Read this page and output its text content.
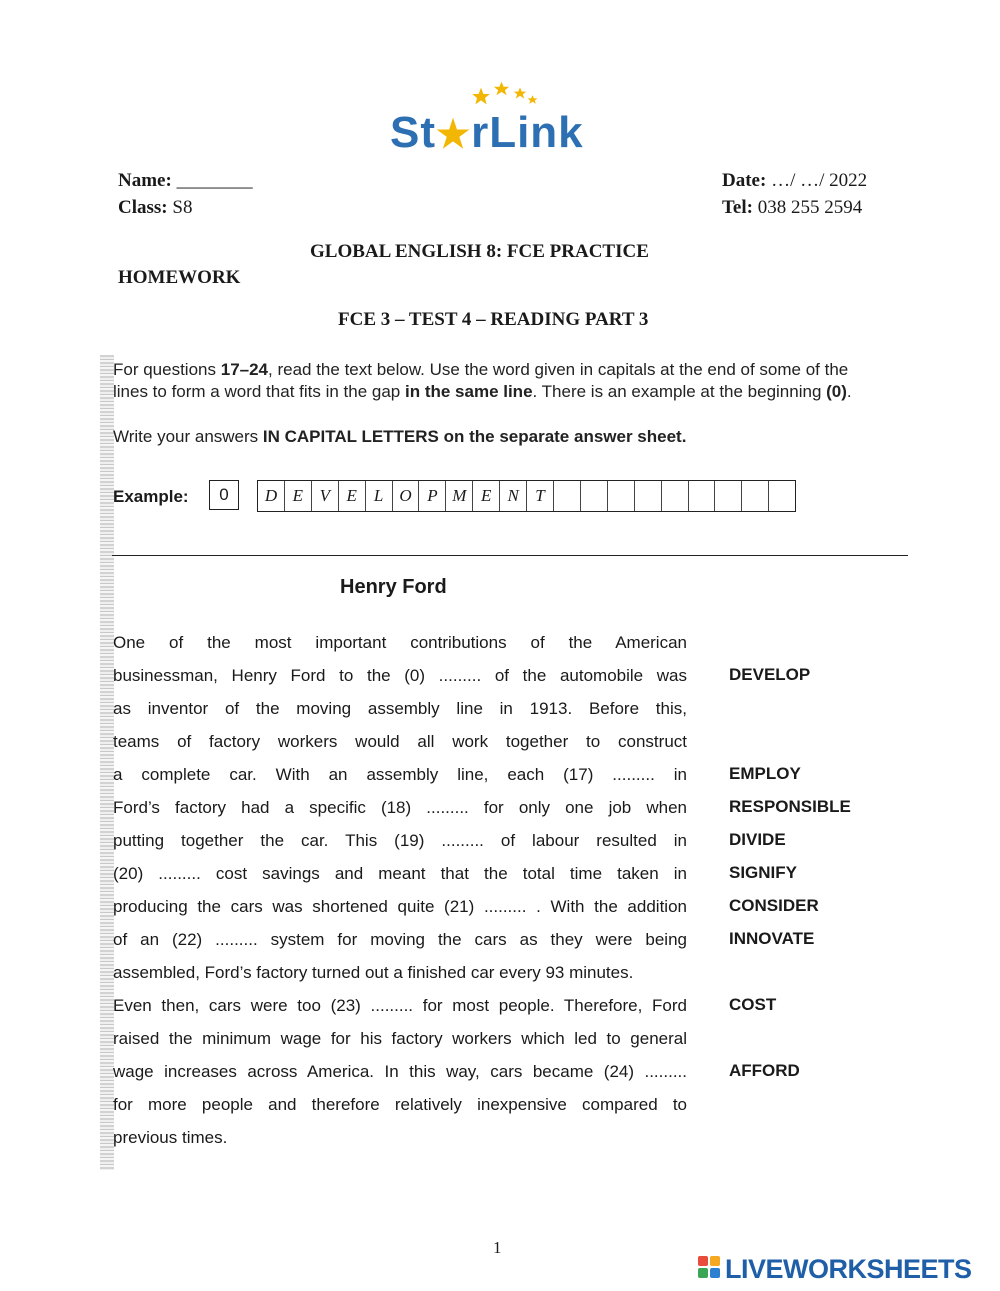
St★rLink
Name: ________
Class: S8
Date: …/ …/ 2022
Tel: 038 255 2594
GLOBAL ENGLISH 8: FCE PRACTICE
HOMEWORK
FCE 3 – TEST 4 – READING PART 3
For questions 17–24, read the text below. Use the word given in capitals at the end of some of the
lines to form a word that fits in the gap in the same line. There is an example at the beginning (0).
Write your answers IN CAPITAL LETTERS on the separate answer sheet.
Example:	0	D E V E L O P M E N T
Henry Ford
One of the most important contributions of the American
businessman, Henry Ford to the (0) ......... of the automobile was
as inventor of the moving assembly line in 1913. Before this,
teams of factory workers would all work together to construct
a complete car. With an assembly line, each (17) ......... in
Ford’s factory had a specific (18) ......... for only one job when
putting together the car. This (19) ......... of labour resulted in
(20) ......... cost savings and meant that the total time taken in
producing the cars was shortened quite (21) ......... . With the addition
of an (22) ......... system for moving the cars as they were being
assembled, Ford’s factory turned out a finished car every 93 minutes.
Even then, cars were too (23) ......... for most people. Therefore, Ford
raised the minimum wage for his factory workers which led to general
wage increases across America. In this way, cars became (24) .........
for more people and therefore relatively inexpensive compared to
previous times.
DEVELOP
EMPLOY
RESPONSIBLE
DIVIDE
SIGNIFY
CONSIDER
INNOVATE
COST
AFFORD
1
LIVEWORKSHEETS
